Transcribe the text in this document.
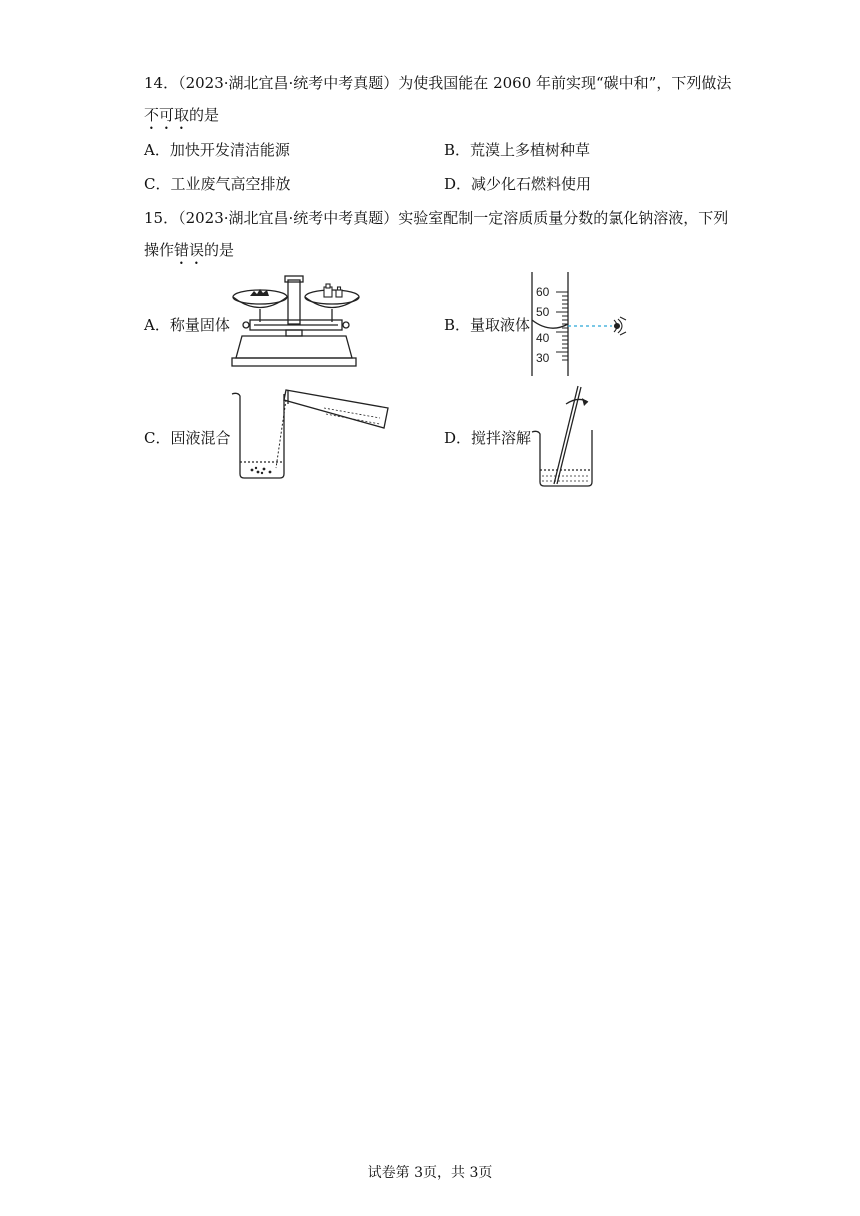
14．（2023·湖北宜昌·统考中考真题）为使我国能在 2060 年前实现“碳中和”，下列做法
不可取的是
A．加快开发清洁能源	B．荒漠上多植树种草
C．工业废气高空排放	D．减少化石燃料使用
15．（2023·湖北宜昌·统考中考真题）实验室配制一定溶质质量分数的氯化钠溶液，下列
操作错误的是
A．称量固体	B．量取液体
60
50
40
30
C．固液混合	D．搅拌溶解
试卷第 3页，共 3页
